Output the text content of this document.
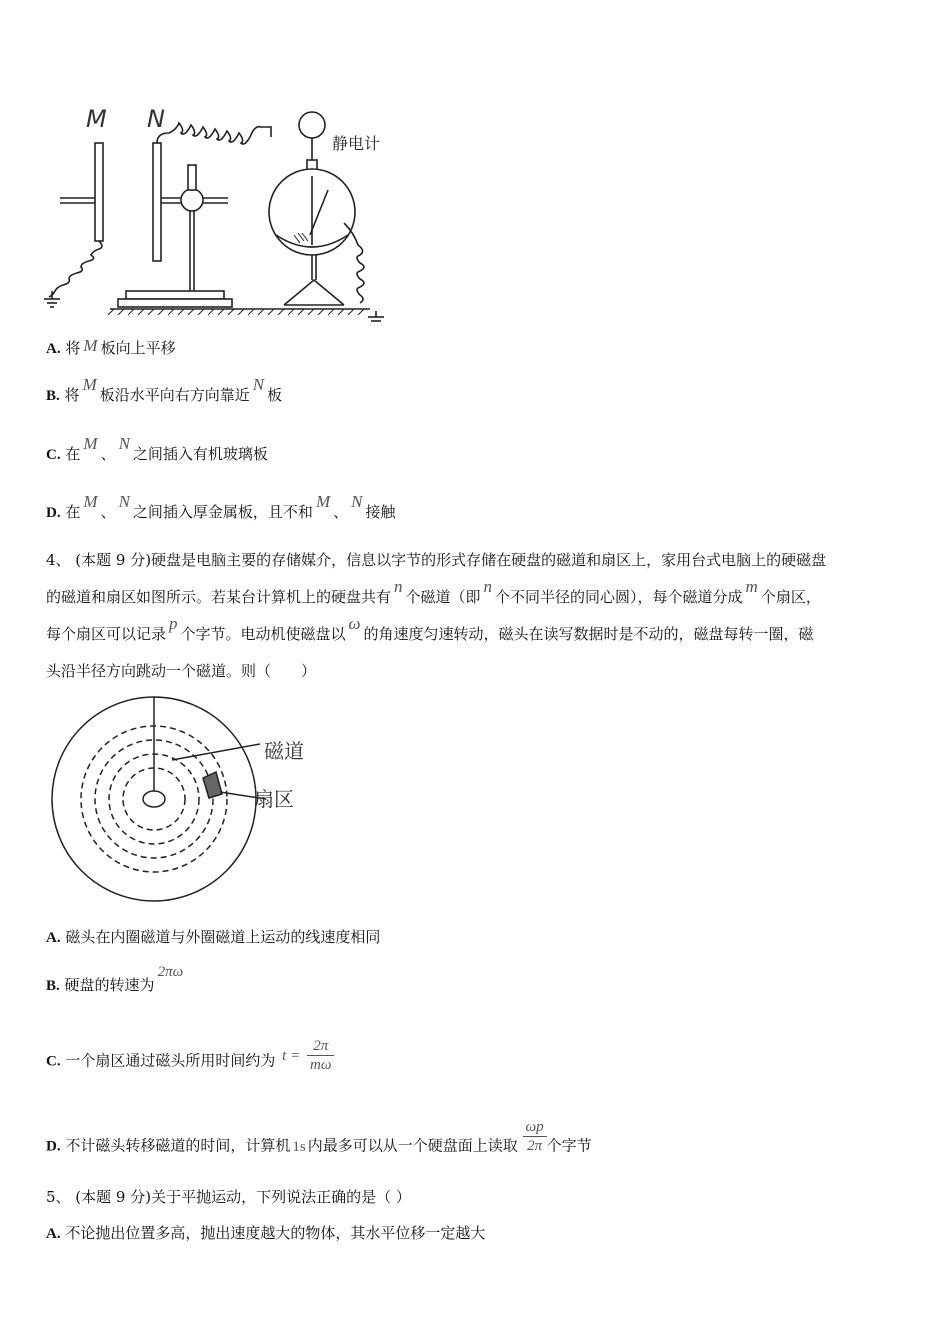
M N
静电计
A. 将 M 板向上平移
B. 将M板沿水平向右方向靠近N板
C. 在M、N之间插入有机玻璃板
D. 在M、N之间插入厚金属板，且不和M、N接触
4、 (本题 9 分)硬盘是电脑主要的存储媒介，信息以字节的形式存储在硬盘的磁道和扇区上，家用台式电脑上的硬磁盘
的磁道和扇区如图所示。若某台计算机上的硬盘共有n个磁道（即n个不同半径的同心圆），每个磁道分成m个扇区，
每个扇区可以记录p个字节。电动机使磁盘以ω的角速度匀速转动，磁头在读写数据时是不动的，磁盘每转一圈，磁
头沿半径方向跳动一个磁道。则（　　）
磁道
扇区
A. 磁头在内圈磁道与外圈磁道上运动的线速度相同
B. 硬盘的转速为2πω
C. 一个扇区通过磁头所用时间约为 $t = \frac{2\pi}{m\omega}$
D. 不计磁头转移磁道的时间，计算机 1s 内最多可以从一个硬盘面上读取 $\frac{\omega p}{2\pi}$ 个字节
5、 (本题 9 分)关于平抛运动，下列说法正确的是（ ）
A. 不论抛出位置多高，抛出速度越大的物体，其水平位移一定越大
